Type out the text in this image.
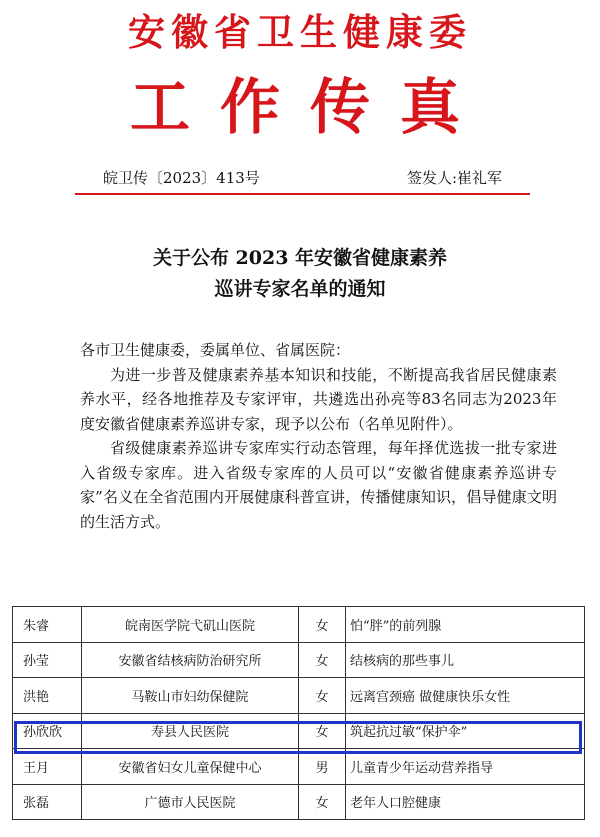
安徽省卫生健康委
工作传真
皖卫传〔2023〕413号	签发人:崔礼军
关于公布 2023 年安徽省健康素养
巡讲专家名单的通知

各市卫生健康委，委属单位、省属医院：

为进一步普及健康素养基本知识和技能，不断提高我省居民健康素养水平，经各地推荐及专家评审，共遴选出孙亮等83名同志为2023年度安徽省健康素养巡讲专家，现予以公布（名单见附件）。

省级健康素养巡讲专家库实行动态管理，每年择优选拔一批专家进入省级专家库。进入省级专家库的人员可以“安徽省健康素养巡讲专家”名义在全省范围内开展健康科普宣讲，传播健康知识，倡导健康文明的生活方式。

朱睿	皖南医学院弋矶山医院	女	怕“胖”的前列腺
孙莹	安徽省结核病防治研究所	女	结核病的那些事儿
洪艳	马鞍山市妇幼保健院	女	远离宫颈癌 做健康快乐女性
孙欣欣	寿县人民医院	女	筑起抗过敏“保护伞”
王月	安徽省妇女儿童保健中心	男	儿童青少年运动营养指导
张磊	广德市人民医院	女	老年人口腔健康
